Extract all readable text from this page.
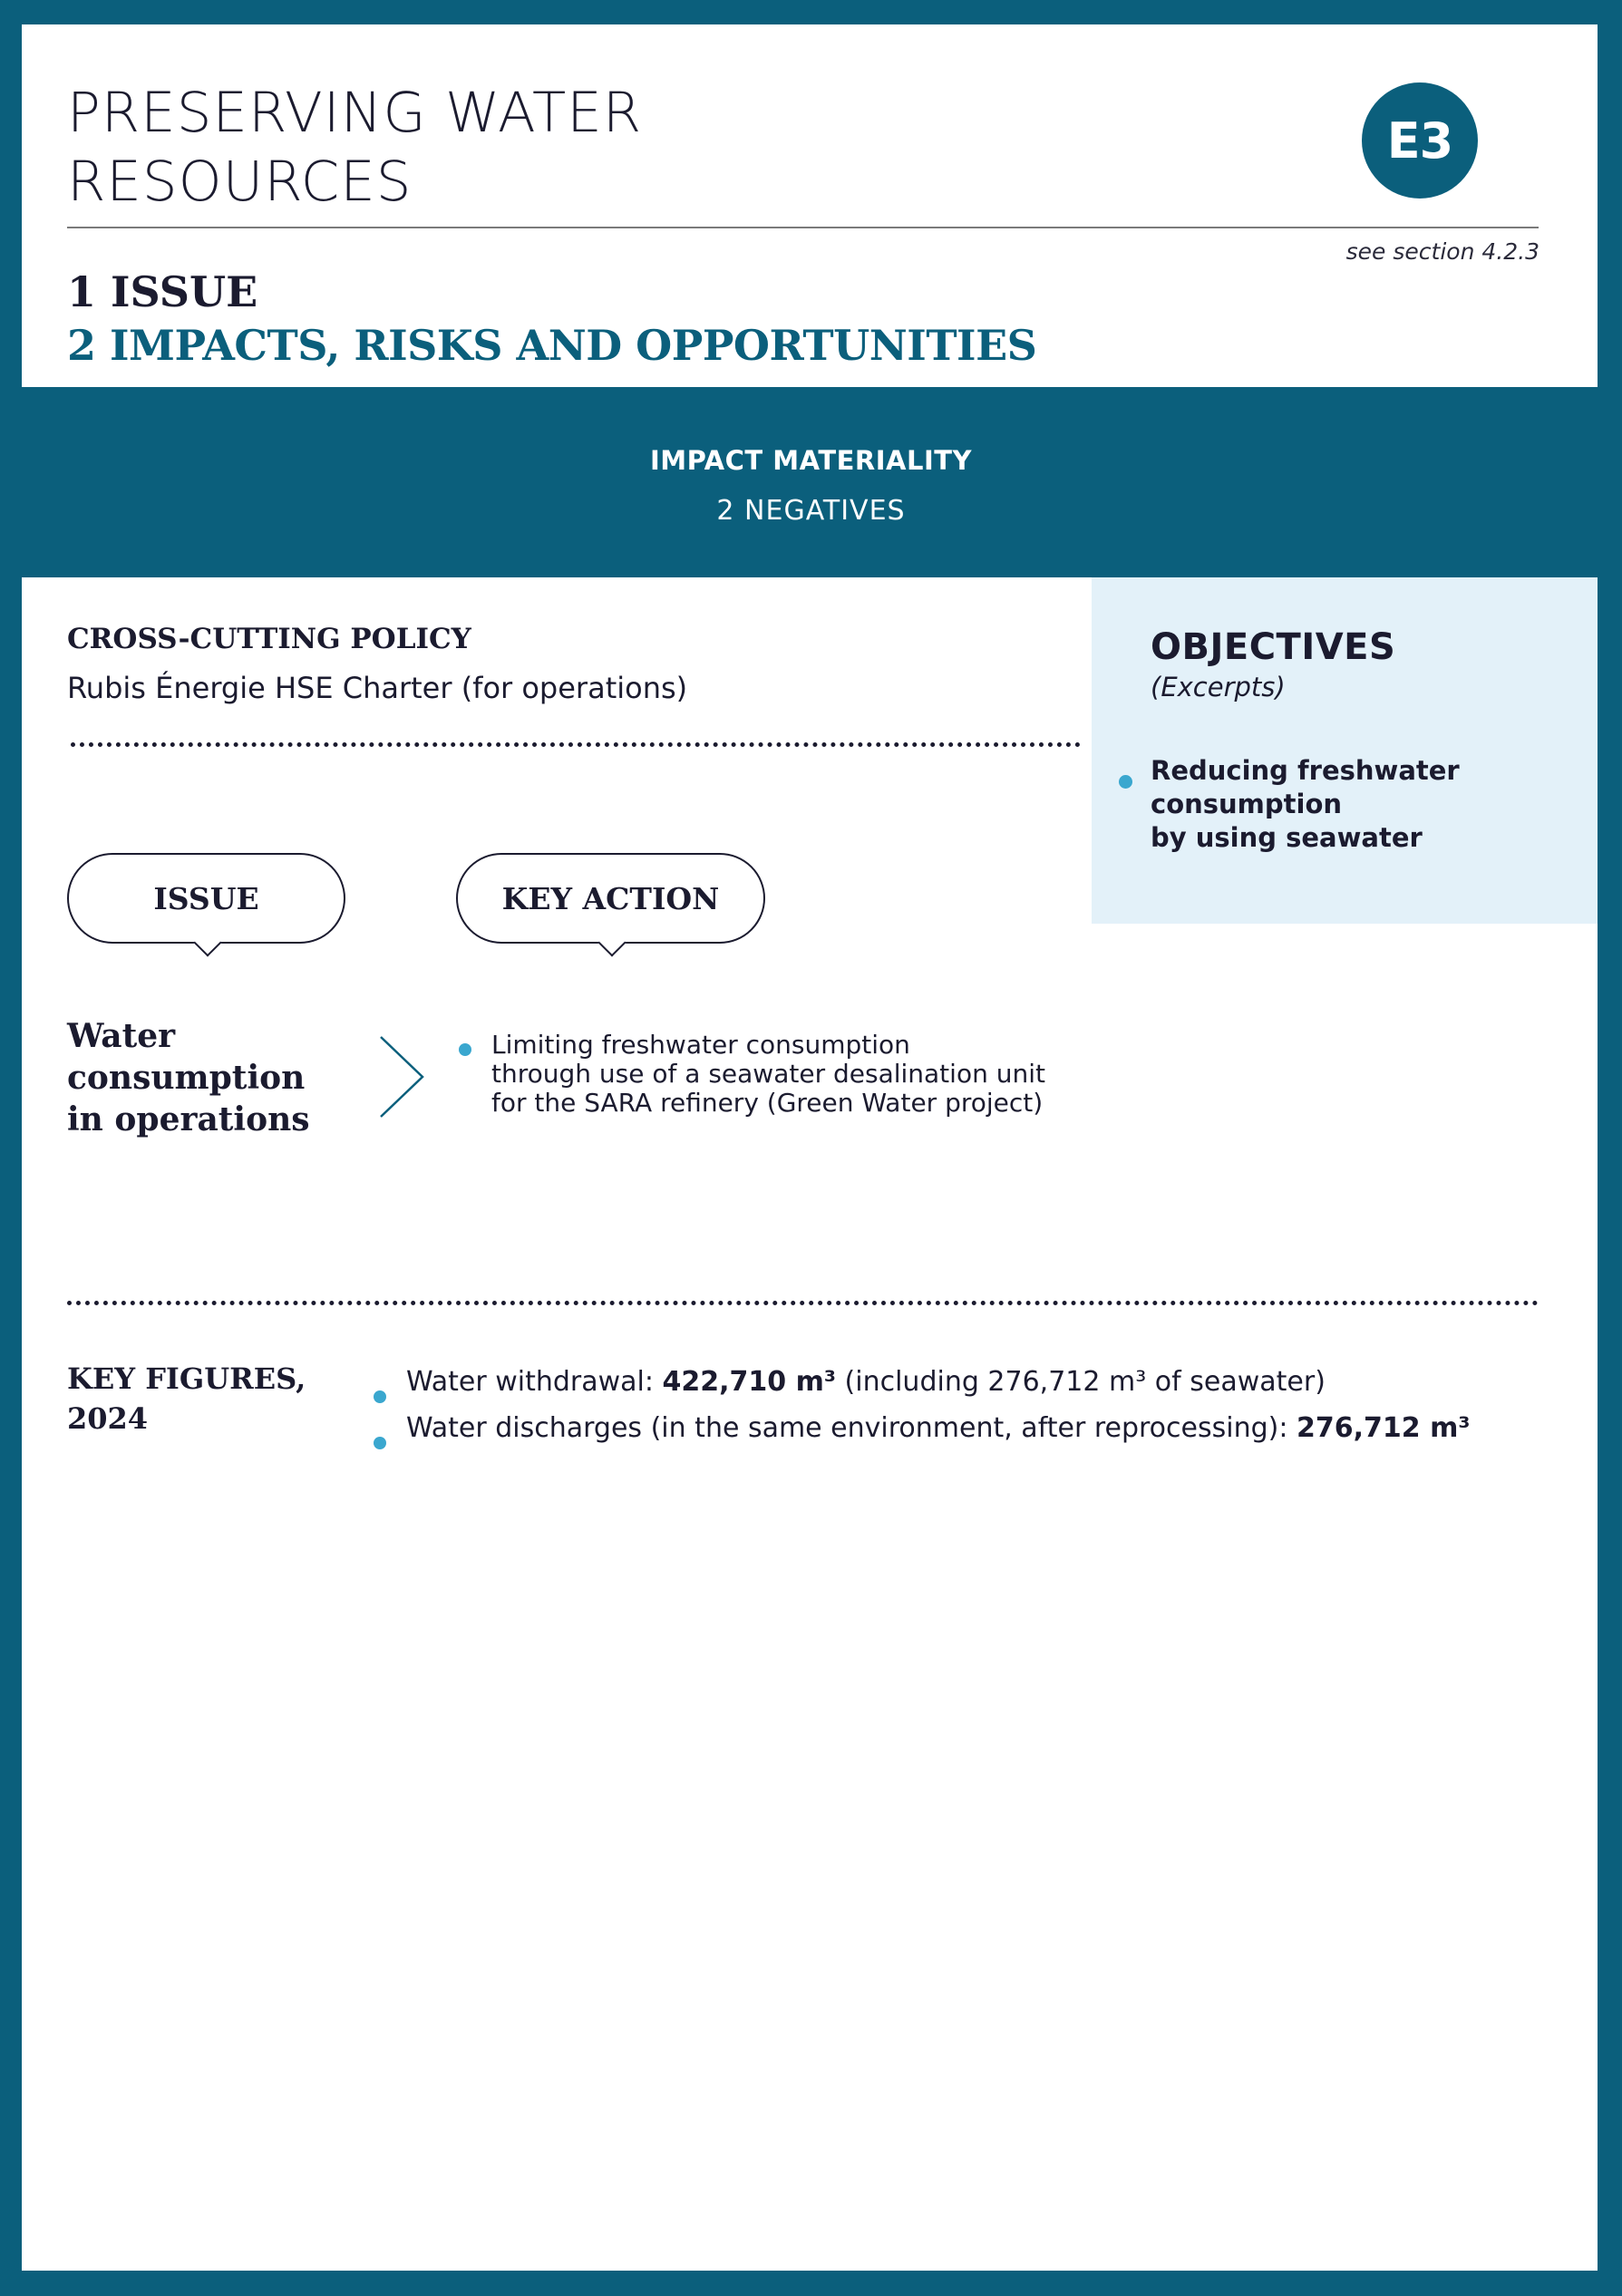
PRESERVING WATER
RESOURCES
E3
see section 4.2.3
1 ISSUE
2 IMPACTS, RISKS AND OPPORTUNITIES
CROSS-CUTTING POLICY
Rubis Énergie HSE Charter (for operations)
OBJECTIVES
(Excerpts)
Reducing freshwater
consumption
by using seawater
ISSUE	KEY ACTION
Water
consumption
in operations
Limiting freshwater consumption
through use of a seawater desalination unit
for the SARA refinery (Green Water project)
KEY FIGURES,
2024
Water withdrawal: 422,710 m³ (including 276,712 m³ of seawater)
Water discharges (in the same environment, after reprocessing): 276,712 m³
IMPACT MATERIALITY
2 NEGATIVES
